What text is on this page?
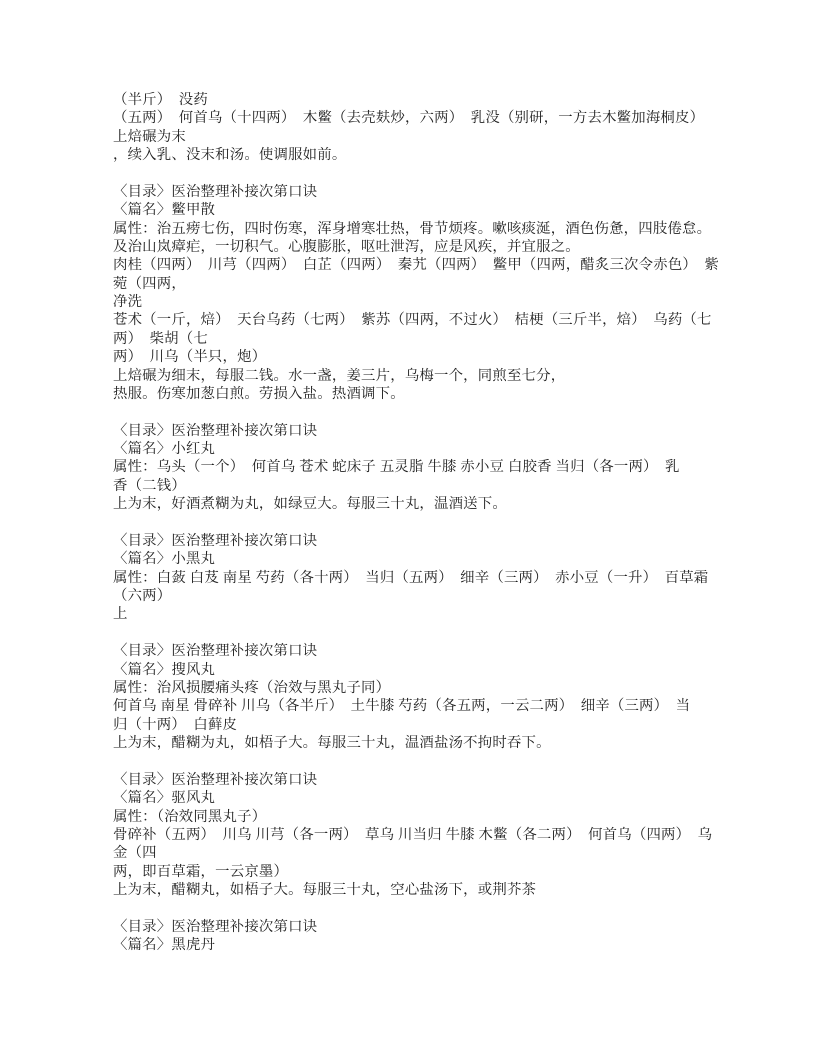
（半斤）　没药
（五两）　何首乌（十四两）　木鳖（去壳麸炒，六两）　乳没（别研，一方去木鳖加海桐皮）
上焙碾为末
，续入乳、没末和汤。使调服如前。
〈目录〉医治整理补接次第口诀
〈篇名〉鳖甲散
属性：治五痨七伤，四时伤寒，浑身增寒壮热，骨节烦疼。嗽咳痰涎，酒色伤惫，四肢倦怠。
及治山岚瘴疟，一切积气。心腹膨胀，呕吐泄泻，应是风疾，并宜服之。
肉桂（四两）　川芎（四两）　白芷（四两）　秦艽（四两）　鳖甲（四两，醋炙三次令赤色）　紫
菀（四两，
净洗
苍术（一斤，焙）　天台乌药（七两）　紫苏（四两，不过火）　桔梗（三斤半，焙）　乌药（七
两）　柴胡（七
两）　川乌（半只，炮）
上焙碾为细末，每服二钱。水一盏，姜三片，乌梅一个，同煎至七分，
热服。伤寒加葱白煎。劳损入盐。热酒调下。
〈目录〉医治整理补接次第口诀
〈篇名〉小红丸
属性：乌头（一个）　何首乌 苍术 蛇床子 五灵脂 牛膝 赤小豆 白胶香 当归（各一两）　乳
香（二钱）
上为末，好酒煮糊为丸，如绿豆大。每服三十丸，温酒送下。
〈目录〉医治整理补接次第口诀
〈篇名〉小黑丸
属性：白蔹 白芨 南星 芍药（各十两）　当归（五两）　细辛（三两）　赤小豆（一升）　百草霜
（六两）
上
〈目录〉医治整理补接次第口诀
〈篇名〉搜风丸
属性：治风损腰痛头疼（治效与黑丸子同）
何首乌 南星 骨碎补 川乌（各半斤）　土牛膝 芍药（各五两，一云二两）　细辛（三两）　当
归（十两）　白藓皮
上为末，醋糊为丸，如梧子大。每服三十丸，温酒盐汤不拘时吞下。
〈目录〉医治整理补接次第口诀
〈篇名〉驱风丸
属性：（治效同黑丸子）
骨碎补（五两）　川乌 川芎（各一两）　草乌 川当归 牛膝 木鳖（各二两）　何首乌（四两）　乌
金（四
两，即百草霜，一云京墨）
上为末，醋糊丸，如梧子大。每服三十丸，空心盐汤下，或荆芥茶
〈目录〉医治整理补接次第口诀
〈篇名〉黑虎丹
